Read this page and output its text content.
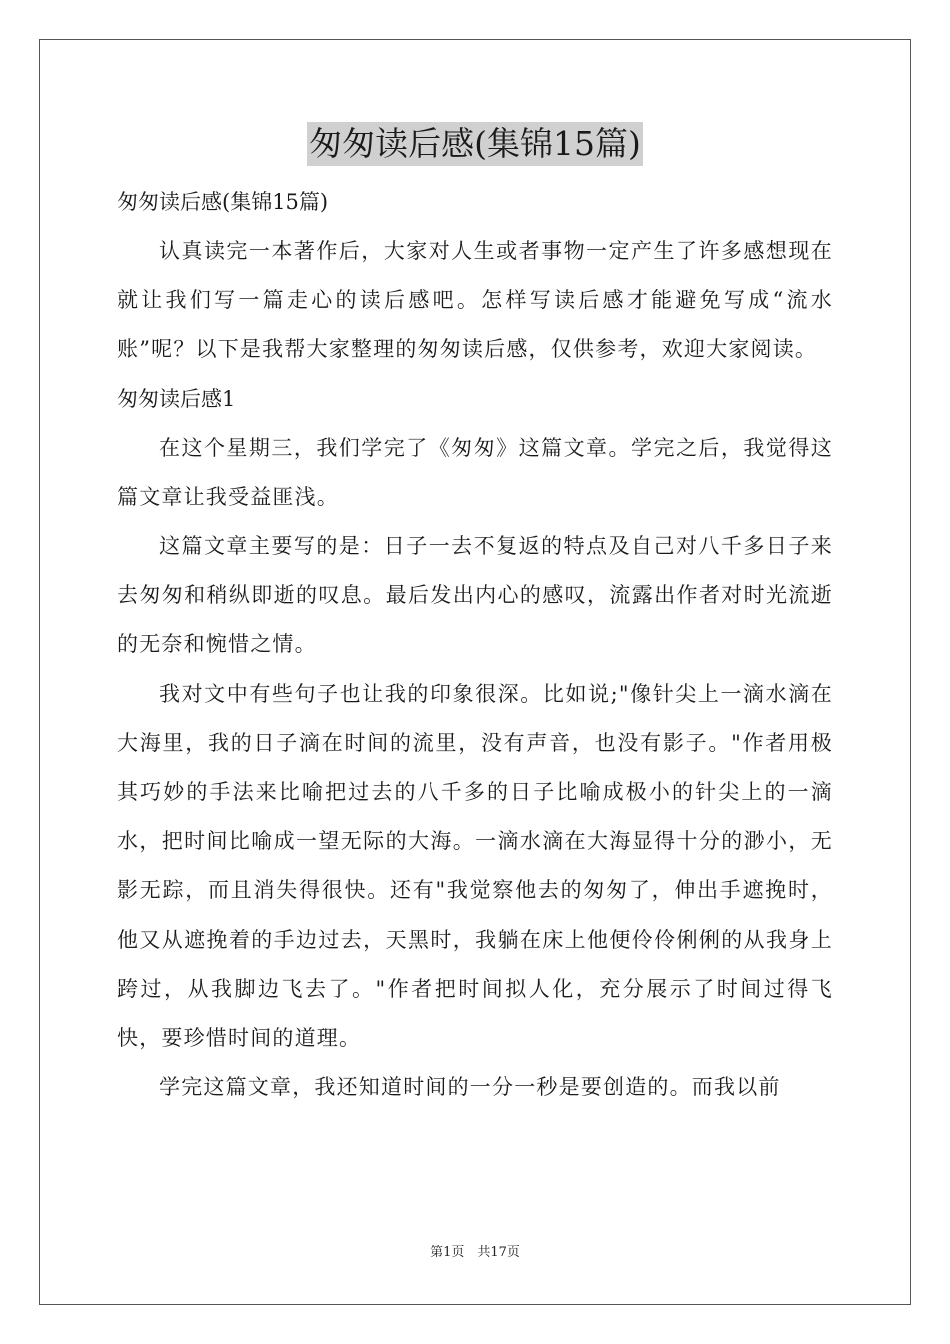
匆匆读后感(集锦15篇)

匆匆读后感(集锦15篇)

认真读完一本著作后，大家对人生或者事物一定产生了许多感想现在就让我们写一篇走心的读后感吧。怎样写读后感才能避免写成“流水账”呢？以下是我帮大家整理的匆匆读后感，仅供参考，欢迎大家阅读。

匆匆读后感1

在这个星期三，我们学完了《匆匆》这篇文章。学完之后，我觉得这篇文章让我受益匪浅。

这篇文章主要写的是：日子一去不复返的特点及自己对八千多日子来去匆匆和稍纵即逝的叹息。最后发出内心的感叹，流露出作者对时光流逝的无奈和惋惜之情。

我对文中有些句子也让我的印象很深。比如说;"像针尖上一滴水滴在大海里，我的日子滴在时间的流里，没有声音，也没有影子。"作者用极其巧妙的手法来比喻把过去的八千多的日子比喻成极小的针尖上的一滴水，把时间比喻成一望无际的大海。一滴水滴在大海显得十分的渺小，无影无踪，而且消失得很快。还有"我觉察他去的匆匆了，伸出手遮挽时，他又从遮挽着的手边过去，天黑时，我躺在床上他便伶伶俐俐的从我身上跨过，从我脚边飞去了。"作者把时间拟人化，充分展示了时间过得飞快，要珍惜时间的道理。

学完这篇文章，我还知道时间的一分一秒是要创造的。而我以前

第1页　共17页
